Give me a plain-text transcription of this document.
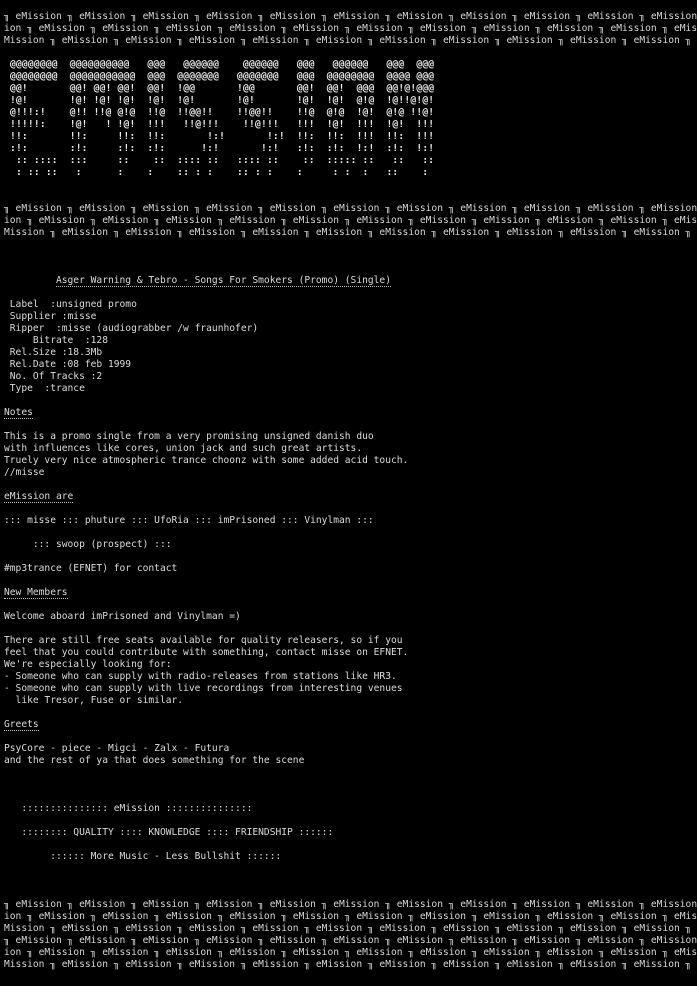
╖ eMission ╖ eMission ╖ eMission ╖ eMission ╖ eMission ╖ eMission ╖ eMission ╖ eMission ╖ eMission ╖ eMission ╖ eMission
ion ╖ eMission ╖ eMission ╖ eMission ╖ eMission ╖ eMission ╖ eMission ╖ eMission ╖ eMission ╖ eMission ╖ eMission ╖ eMis
Mission ╖ eMission ╖ eMission ╖ eMission ╖ eMission ╖ eMission ╖ eMission ╖ eMission ╖ eMission ╖ eMission ╖ eMission ╖
@@@@@@@@  @@@@@@@@@@   @@@   @@@@@@    @@@@@@   @@@   @@@@@@   @@@  @@@
@@@@@@@@  @@@@@@@@@@@  @@@  @@@@@@@   @@@@@@@   @@@  @@@@@@@@  @@@@ @@@
@@!       @@! @@! @@!  @@!  !@@       !@@       @@!  @@!  @@@  @@!@!@@@
!@!       !@! !@! !@!  !@!  !@!       !@!       !@!  !@!  @!@  !@!!@!@!
@!!!:!    @!! !!@ @!@  !!@  !!@@!!    !!@@!!    !!@  @!@  !@!  @!@ !!@!
!!!!!:    !@!   ! !@!  !!!   !!@!!!    !!@!!!   !!!  !@!  !!!  !@!  !!!
!!:       !!:     !!:  !!:       !:!       !:!  !!:  !!:  !!!  !!:  !!!
:!:       :!:     :!:  :!:      !:!       !:!   :!:  :!:  !:!  :!:  !:!
:: ::::  :::     ::    ::  :::: ::   :::: ::    ::  ::::: ::   ::   ::
: :: ::   :      :    :    :: : :    :: : :    :     : :  :   ::    :
╖ eMission ╖ eMission ╖ eMission ╖ eMission ╖ eMission ╖ eMission ╖ eMission ╖ eMission ╖ eMission ╖ eMission ╖ eMission
ion ╖ eMission ╖ eMission ╖ eMission ╖ eMission ╖ eMission ╖ eMission ╖ eMission ╖ eMission ╖ eMission ╖ eMission ╖ eMis
Mission ╖ eMission ╖ eMission ╖ eMission ╖ eMission ╖ eMission ╖ eMission ╖ eMission ╖ eMission ╖ eMission ╖ eMission ╖
Asger Warning & Tebro - Songs For Smokers (Promo) (Single)
Label  :unsigned promo
Supplier :misse
Ripper  :misse (audiograbber /w fraunhofer)
Bitrate  :128
Rel.Size :18.3Mb
Rel.Date :08 feb 1999
No. Of Tracks :2
Type  :trance
Notes
This is a promo single from a very promising unsigned danish duo
with influences like cores, union jack and such great artists.
Truely very nice atmospheric trance choonz with some added acid touch.
//misse
eMission are
::: misse ::: phuture ::: UfoRia ::: imPrisoned ::: Vinylman :::
::: swoop (prospect) :::
#mp3trance (EFNET) for contact
New Members
Welcome aboard imPrisoned and Vinylman =)
There are still free seats available for quality releasers, so if you
feel that you could contribute with something, contact misse on EFNET.
We're especially looking for:
- Someone who can supply with radio-releases from stations like HR3.
- Someone who can supply with live recordings from interesting venues
like Tresor, Fuse or similar.
Greets
PsyCore - piece - Migci - Zalx - Futura
and the rest of ya that does something for the scene
::::::::::::::: eMission :::::::::::::::
:::::::: QUALITY :::: KNOWLEDGE :::: FRIENDSHIP ::::::
:::::: More Music - Less Bullshit ::::::
╖ eMission ╖ eMission ╖ eMission ╖ eMission ╖ eMission ╖ eMission ╖ eMission ╖ eMission ╖ eMission ╖ eMission ╖ eMission
ion ╖ eMission ╖ eMission ╖ eMission ╖ eMission ╖ eMission ╖ eMission ╖ eMission ╖ eMission ╖ eMission ╖ eMission ╖ eMis
Mission ╖ eMission ╖ eMission ╖ eMission ╖ eMission ╖ eMission ╖ eMission ╖ eMission ╖ eMission ╖ eMission ╖ eMission ╖
╖ eMission ╖ eMission ╖ eMission ╖ eMission ╖ eMission ╖ eMission ╖ eMission ╖ eMission ╖ eMission ╖ eMission ╖ eMission
ion ╖ eMission ╖ eMission ╖ eMission ╖ eMission ╖ eMission ╖ eMission ╖ eMission ╖ eMission ╖ eMission ╖ eMission ╖ eMis
Mission ╖ eMission ╖ eMission ╖ eMission ╖ eMission ╖ eMission ╖ eMission ╖ eMission ╖ eMission ╖ eMission ╖ eMission ╖
